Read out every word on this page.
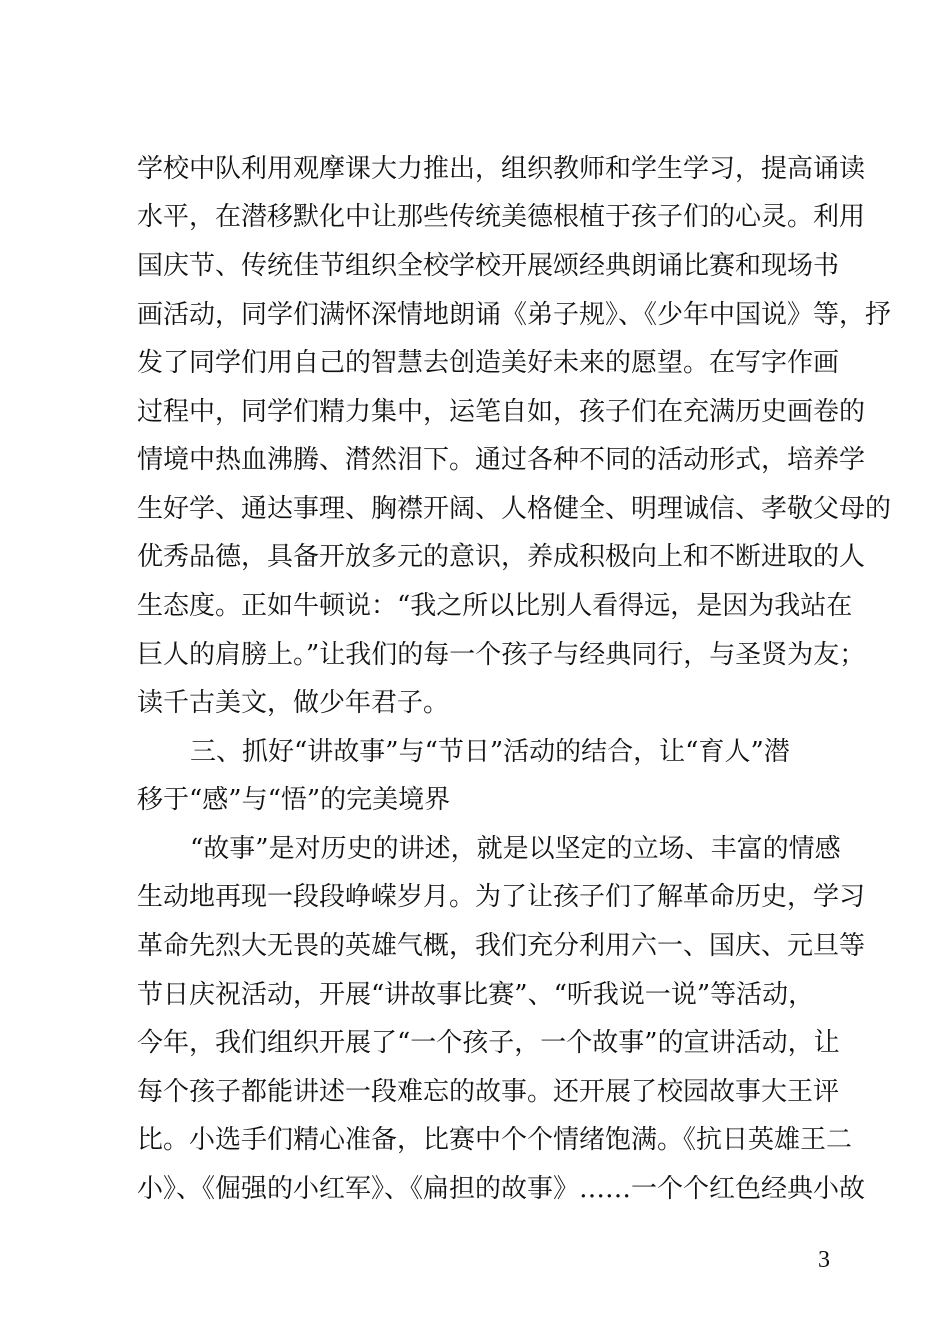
学校中队利用观摩课大力推出，组织教师和学生学习，提高诵读
水平，在潜移默化中让那些传统美德根植于孩子们的心灵。利用
国庆节、传统佳节组织全校学校开展颂经典朗诵比赛和现场书
画活动，同学们满怀深情地朗诵《弟子规》、《少年中国说》等，抒
发了同学们用自己的智慧去创造美好未来的愿望。在写字作画
过程中，同学们精力集中，运笔自如，孩子们在充满历史画卷的
情境中热血沸腾、潸然泪下。通过各种不同的活动形式，培养学
生好学、通达事理、胸襟开阔、人格健全、明理诚信、孝敬父母的
优秀品德，具备开放多元的意识，养成积极向上和不断进取的人
生态度。正如牛顿说：“我之所以比别人看得远，是因为我站在
巨人的肩膀上。”让我们的每一个孩子与经典同行，与圣贤为友；
读千古美文，做少年君子。
三、抓好“讲故事”与“节日”活动的结合，让“育人”潜
移于“感”与“悟”的完美境界
“故事”是对历史的讲述，就是以坚定的立场、丰富的情感
生动地再现一段段峥嵘岁月。为了让孩子们了解革命历史，学习
革命先烈大无畏的英雄气概，我们充分利用六一、国庆、元旦等
节日庆祝活动，开展“讲故事比赛”、“听我说一说”等活动，
今年，我们组织开展了“一个孩子，一个故事”的宣讲活动，让
每个孩子都能讲述一段难忘的故事。还开展了校园故事大王评
比。小选手们精心准备，比赛中个个情绪饱满。《抗日英雄王二
小》、《倔强的小红军》、《扁担的故事》……一个个红色经典小故
3
